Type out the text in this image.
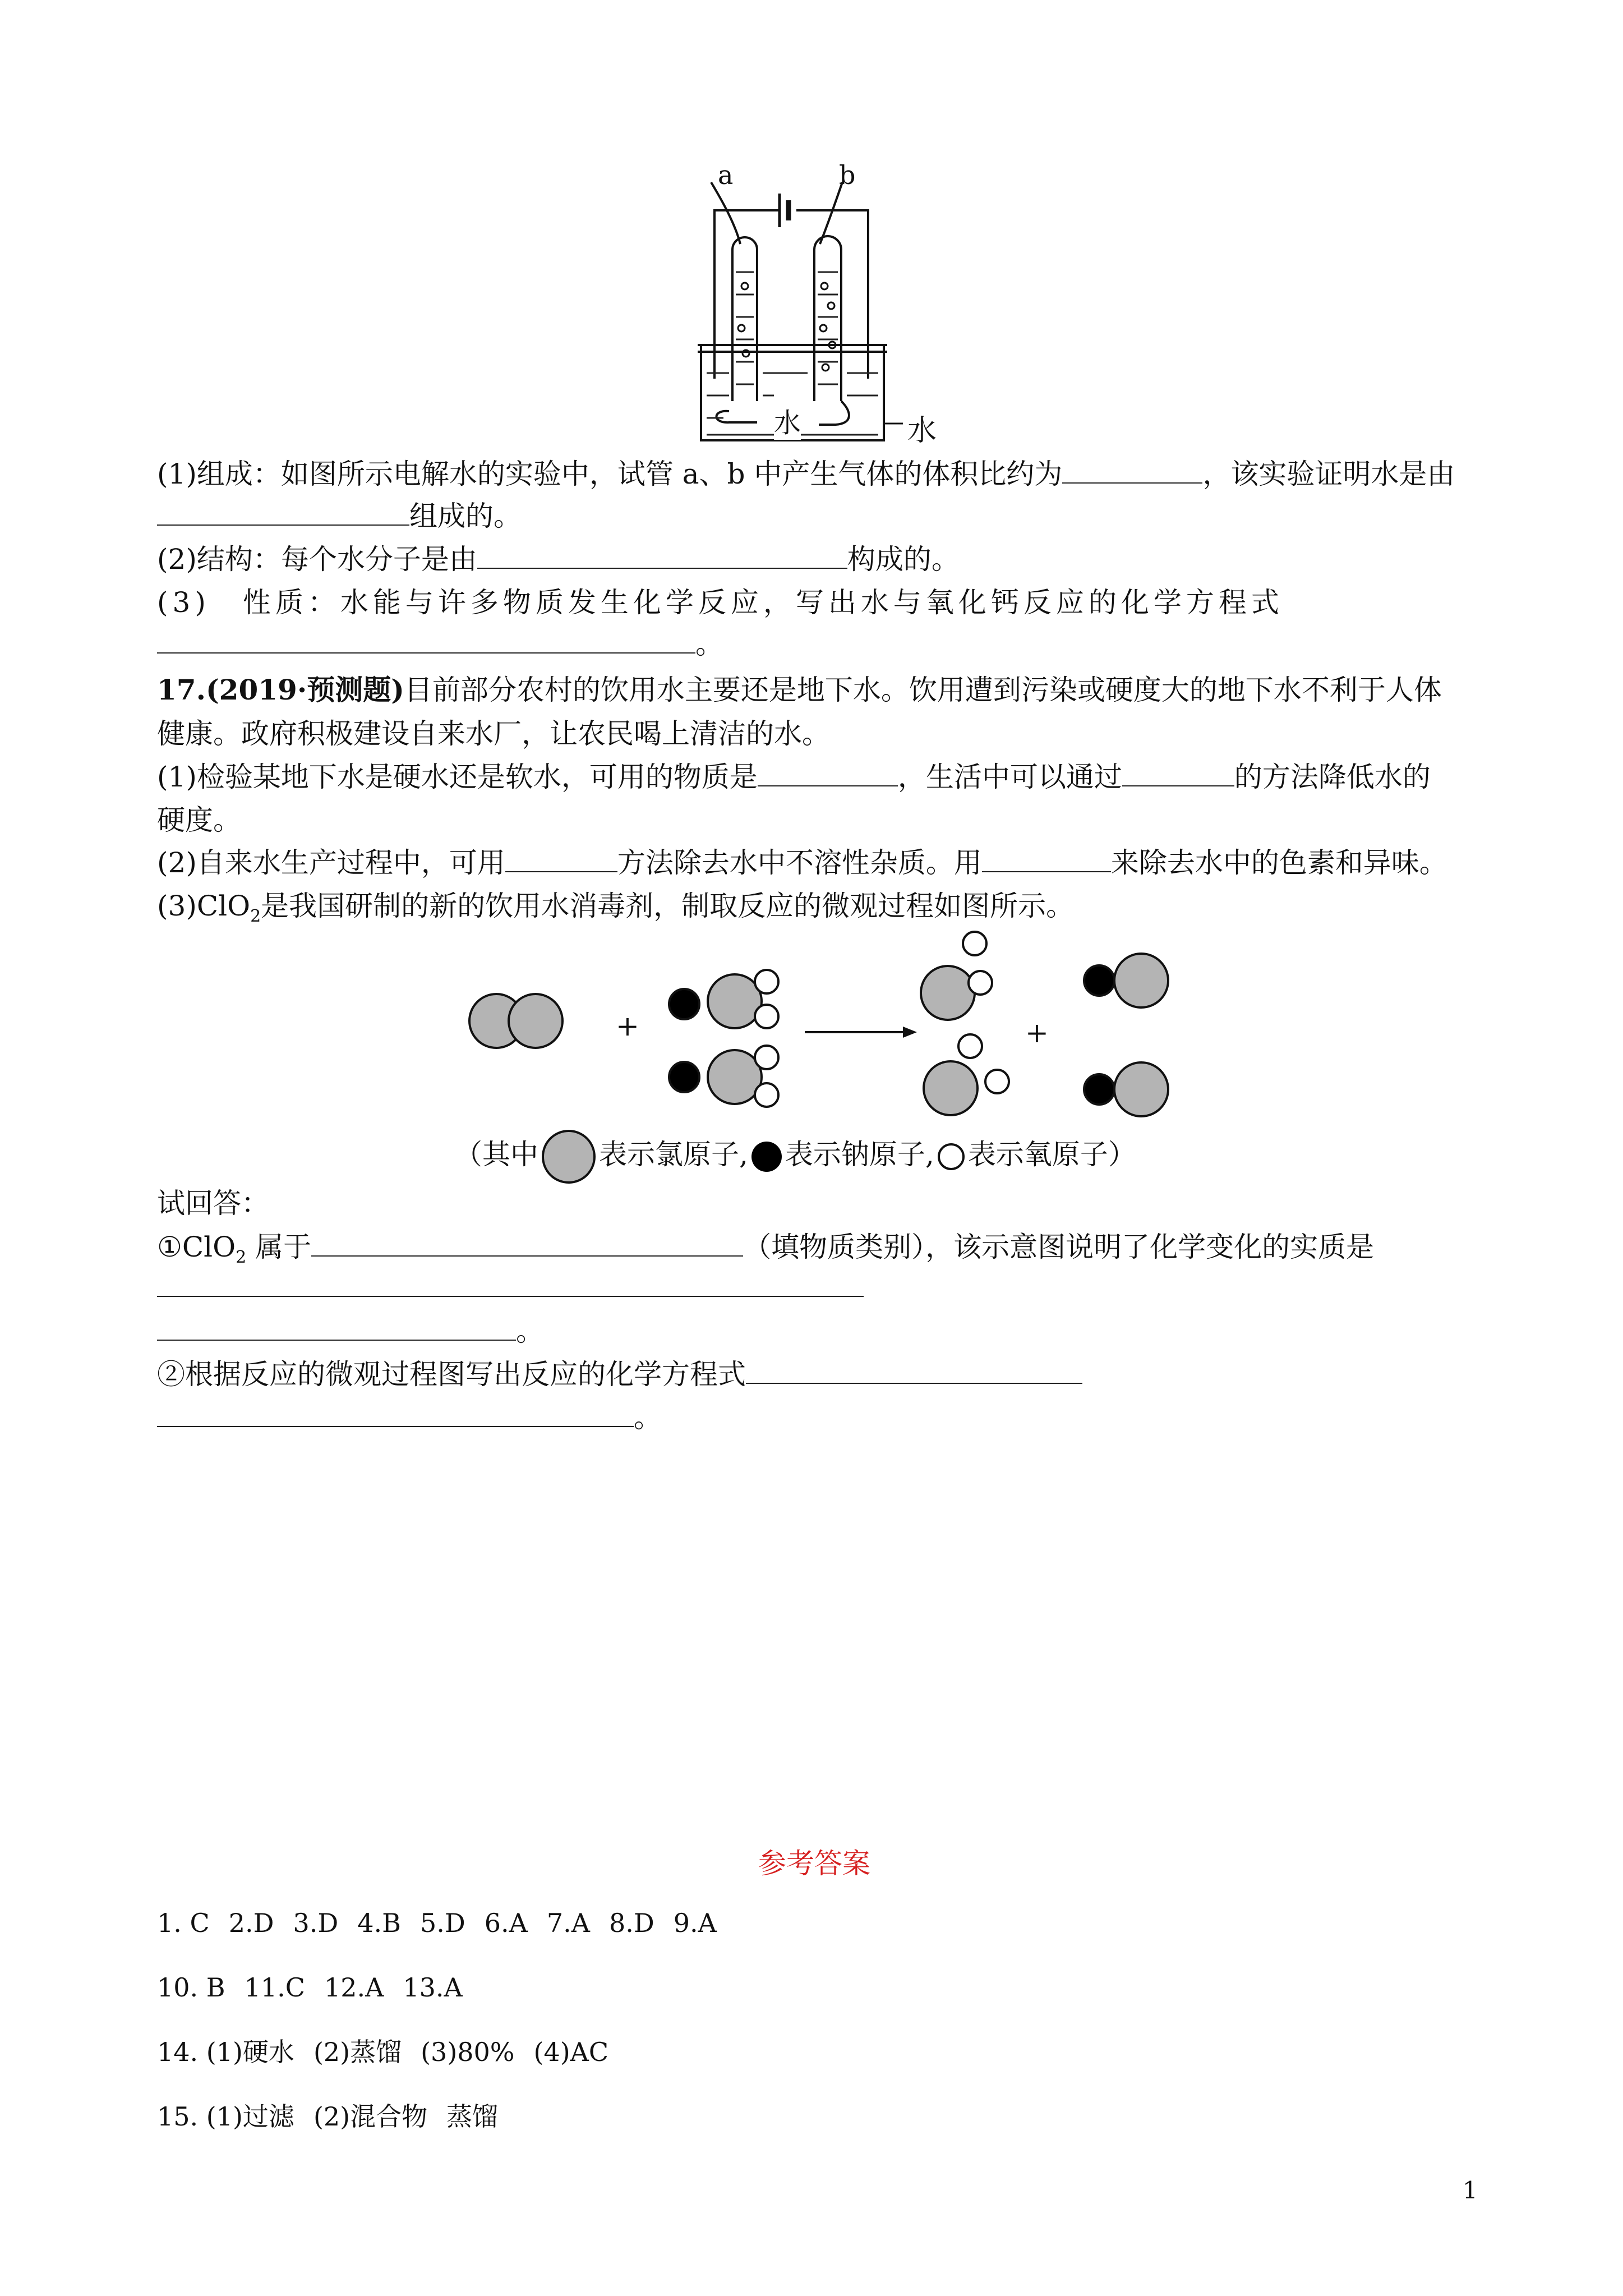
a	b
水	水
(1)组成：如图所示电解水的实验中，试管 a、b 中产生气体的体积比约为	，该实验证明水是由
组成的。
(2)结构：每个水分子是由	构成的。
(3)　性质：水能与许多物质发生化学反应，写出水与氧化钙反应的化学方程式
。
17.(2019·预测题)目前部分农村的饮用水主要还是地下水。饮用遭到污染或硬度大的地下水不利于人体
健康。政府积极建设自来水厂，让农民喝上清洁的水。
(1)检验某地下水是硬水还是软水，可用的物质是	，生活中可以通过	的方法降低水的
硬度。
(2)自来水生产过程中，可用	方法除去水中不溶性杂质。用	来除去水中的色素和异味。
(3)ClO$_2$是我国研制的新的饮用水消毒剂，制取反应的微观过程如图所示。
+	+
（其中 表示氯原子, 表示钠原子, 表示氧原子）
试回答：
①ClO$_2$ 属于	（填物质类别），该示意图说明了化学变化的实质是
。
②根据反应的微观过程图写出反应的化学方程式
。
参考答案
1. C 2.D 3.D 4.B 5.D 6.A 7.A 8.D 9.A
10. B 11.C 12.A 13.A
14. (1)硬水 (2)蒸馏 (3)80% (4)AC
15. (1)过滤 (2)混合物 蒸馏
1
